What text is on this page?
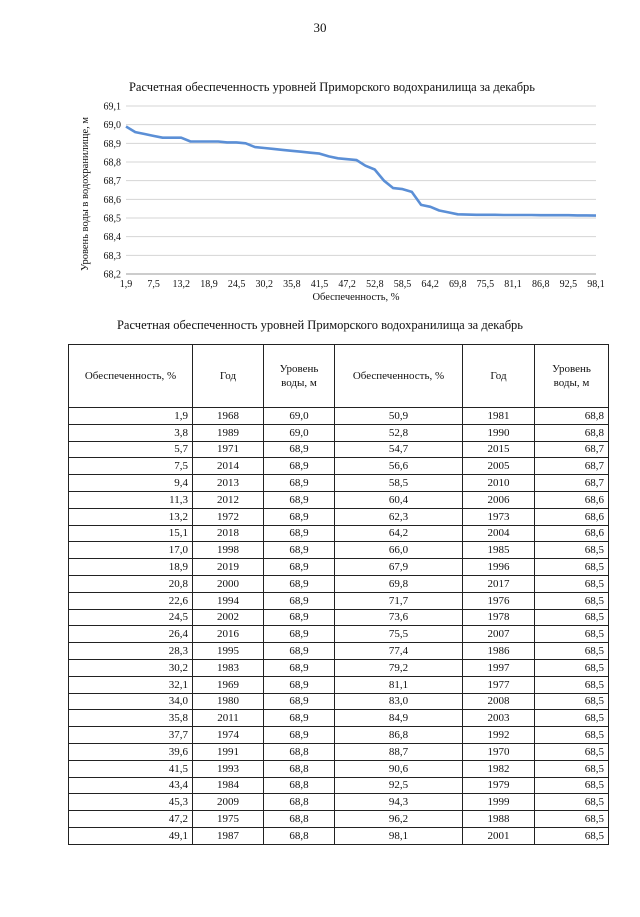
30
68,2
68,3
68,4
68,5
68,6
68,7
68,8
68,9
69,0
69,1
1,9 7,5 13,2 18,9 24,5 30,2 35,8 41,5 47,2 52,8 58,5 64,2 69,8 75,5 81,1 86,8 92,5 98,1
Расчетная обеспеченность уровней Приморского водохранилища за декабрь
Обеспеченность, %
Уровень воды в водохранилище, м
Расчетная обеспеченность уровней Приморского водохранилища за декабрь
Обеспеченность, %	Год	Уровень воды, м	Обеспеченность, %	Год	Уровень воды, м
1,9	1968	69,0	50,9	1981	68,8
3,8	1989	69,0	52,8	1990	68,8
5,7	1971	68,9	54,7	2015	68,7
7,5	2014	68,9	56,6	2005	68,7
9,4	2013	68,9	58,5	2010	68,7
11,3	2012	68,9	60,4	2006	68,6
13,2	1972	68,9	62,3	1973	68,6
15,1	2018	68,9	64,2	2004	68,6
17,0	1998	68,9	66,0	1985	68,5
18,9	2019	68,9	67,9	1996	68,5
20,8	2000	68,9	69,8	2017	68,5
22,6	1994	68,9	71,7	1976	68,5
24,5	2002	68,9	73,6	1978	68,5
26,4	2016	68,9	75,5	2007	68,5
28,3	1995	68,9	77,4	1986	68,5
30,2	1983	68,9	79,2	1997	68,5
32,1	1969	68,9	81,1	1977	68,5
34,0	1980	68,9	83,0	2008	68,5
35,8	2011	68,9	84,9	2003	68,5
37,7	1974	68,9	86,8	1992	68,5
39,6	1991	68,8	88,7	1970	68,5
41,5	1993	68,8	90,6	1982	68,5
43,4	1984	68,8	92,5	1979	68,5
45,3	2009	68,8	94,3	1999	68,5
47,2	1975	68,8	96,2	1988	68,5
49,1	1987	68,8	98,1	2001	68,5
